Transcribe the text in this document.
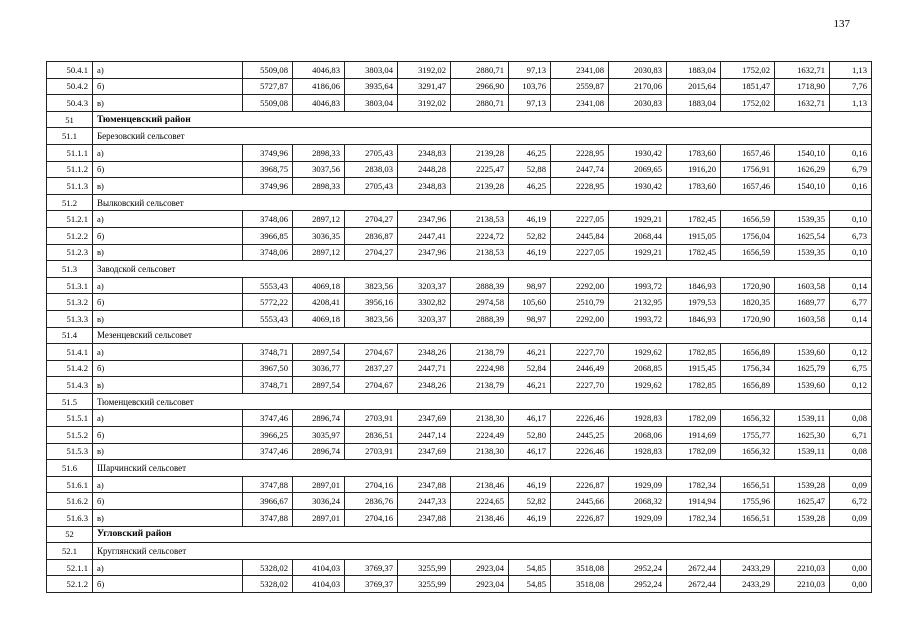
137
50.4.1	а)	5509,08	4046,83	3803,04	3192,02	2880,71	97,13	2341,08	2030,83	1883,04	1752,02	1632,71	1,13
50.4.2	б)	5727,87	4186,06	3935,64	3291,47	2966,90	103,76	2559,87	2170,06	2015,64	1851,47	1718,90	7,76
50.4.3	в)	5509,08	4046,83	3803,04	3192,02	2880,71	97,13	2341,08	2030,83	1883,04	1752,02	1632,71	1,13
51	Тюменцевский район												
51.1	Березовский сельсовет												
51.1.1	а)	3749,96	2898,33	2705,43	2348,83	2139,28	46,25	2228,95	1930,42	1783,60	1657,46	1540,10	0,16
51.1.2	б)	3968,75	3037,56	2838,03	2448,28	2225,47	52,88	2447,74	2069,65	1916,20	1756,91	1626,29	6,79
51.1.3	в)	3749,96	2898,33	2705,43	2348,83	2139,28	46,25	2228,95	1930,42	1783,60	1657,46	1540,10	0,16
51.2	Вылковский сельсовет												
51.2.1	а)	3748,06	2897,12	2704,27	2347,96	2138,53	46,19	2227,05	1929,21	1782,45	1656,59	1539,35	0,10
51.2.2	б)	3966,85	3036,35	2836,87	2447,41	2224,72	52,82	2445,84	2068,44	1915,05	1756,04	1625,54	6,73
51.2.3	в)	3748,06	2897,12	2704,27	2347,96	2138,53	46,19	2227,05	1929,21	1782,45	1656,59	1539,35	0,10
51.3	Заводской сельсовет												
51.3.1	а)	5553,43	4069,18	3823,56	3203,37	2888,39	98,97	2292,00	1993,72	1846,93	1720,90	1603,58	0,14
51.3.2	б)	5772,22	4208,41	3956,16	3302,82	2974,58	105,60	2510,79	2132,95	1979,53	1820,35	1689,77	6,77
51.3.3	в)	5553,43	4069,18	3823,56	3203,37	2888,39	98,97	2292,00	1993,72	1846,93	1720,90	1603,58	0,14
51.4	Мезенцевский сельсовет												
51.4.1	а)	3748,71	2897,54	2704,67	2348,26	2138,79	46,21	2227,70	1929,62	1782,85	1656,89	1539,60	0,12
51.4.2	б)	3967,50	3036,77	2837,27	2447,71	2224,98	52,84	2446,49	2068,85	1915,45	1756,34	1625,79	6,75
51.4.3	в)	3748,71	2897,54	2704,67	2348,26	2138,79	46,21	2227,70	1929,62	1782,85	1656,89	1539,60	0,12
51.5	Тюменцевский сельсовет												
51.5.1	а)	3747,46	2896,74	2703,91	2347,69	2138,30	46,17	2226,46	1928,83	1782,09	1656,32	1539,11	0,08
51.5.2	б)	3966,25	3035,97	2836,51	2447,14	2224,49	52,80	2445,25	2068,06	1914,69	1755,77	1625,30	6,71
51.5.3	в)	3747,46	2896,74	2703,91	2347,69	2138,30	46,17	2226,46	1928,83	1782,09	1656,32	1539,11	0,08
51.6	Шарчинский сельсовет												
51.6.1	а)	3747,88	2897,01	2704,16	2347,88	2138,46	46,19	2226,87	1929,09	1782,34	1656,51	1539,28	0,09
51.6.2	б)	3966,67	3036,24	2836,76	2447,33	2224,65	52,82	2445,66	2068,32	1914,94	1755,96	1625,47	6,72
51.6.3	в)	3747,88	2897,01	2704,16	2347,88	2138,46	46,19	2226,87	1929,09	1782,34	1656,51	1539,28	0,09
52	Угловский район												
52.1	Круглянский сельсовет												
52.1.1	а)	5328,02	4104,03	3769,37	3255,99	2923,04	54,85	3518,08	2952,24	2672,44	2433,29	2210,03	0,00
52.1.2	б)	5328,02	4104,03	3769,37	3255,99	2923,04	54,85	3518,08	2952,24	2672,44	2433,29	2210,03	0,00
